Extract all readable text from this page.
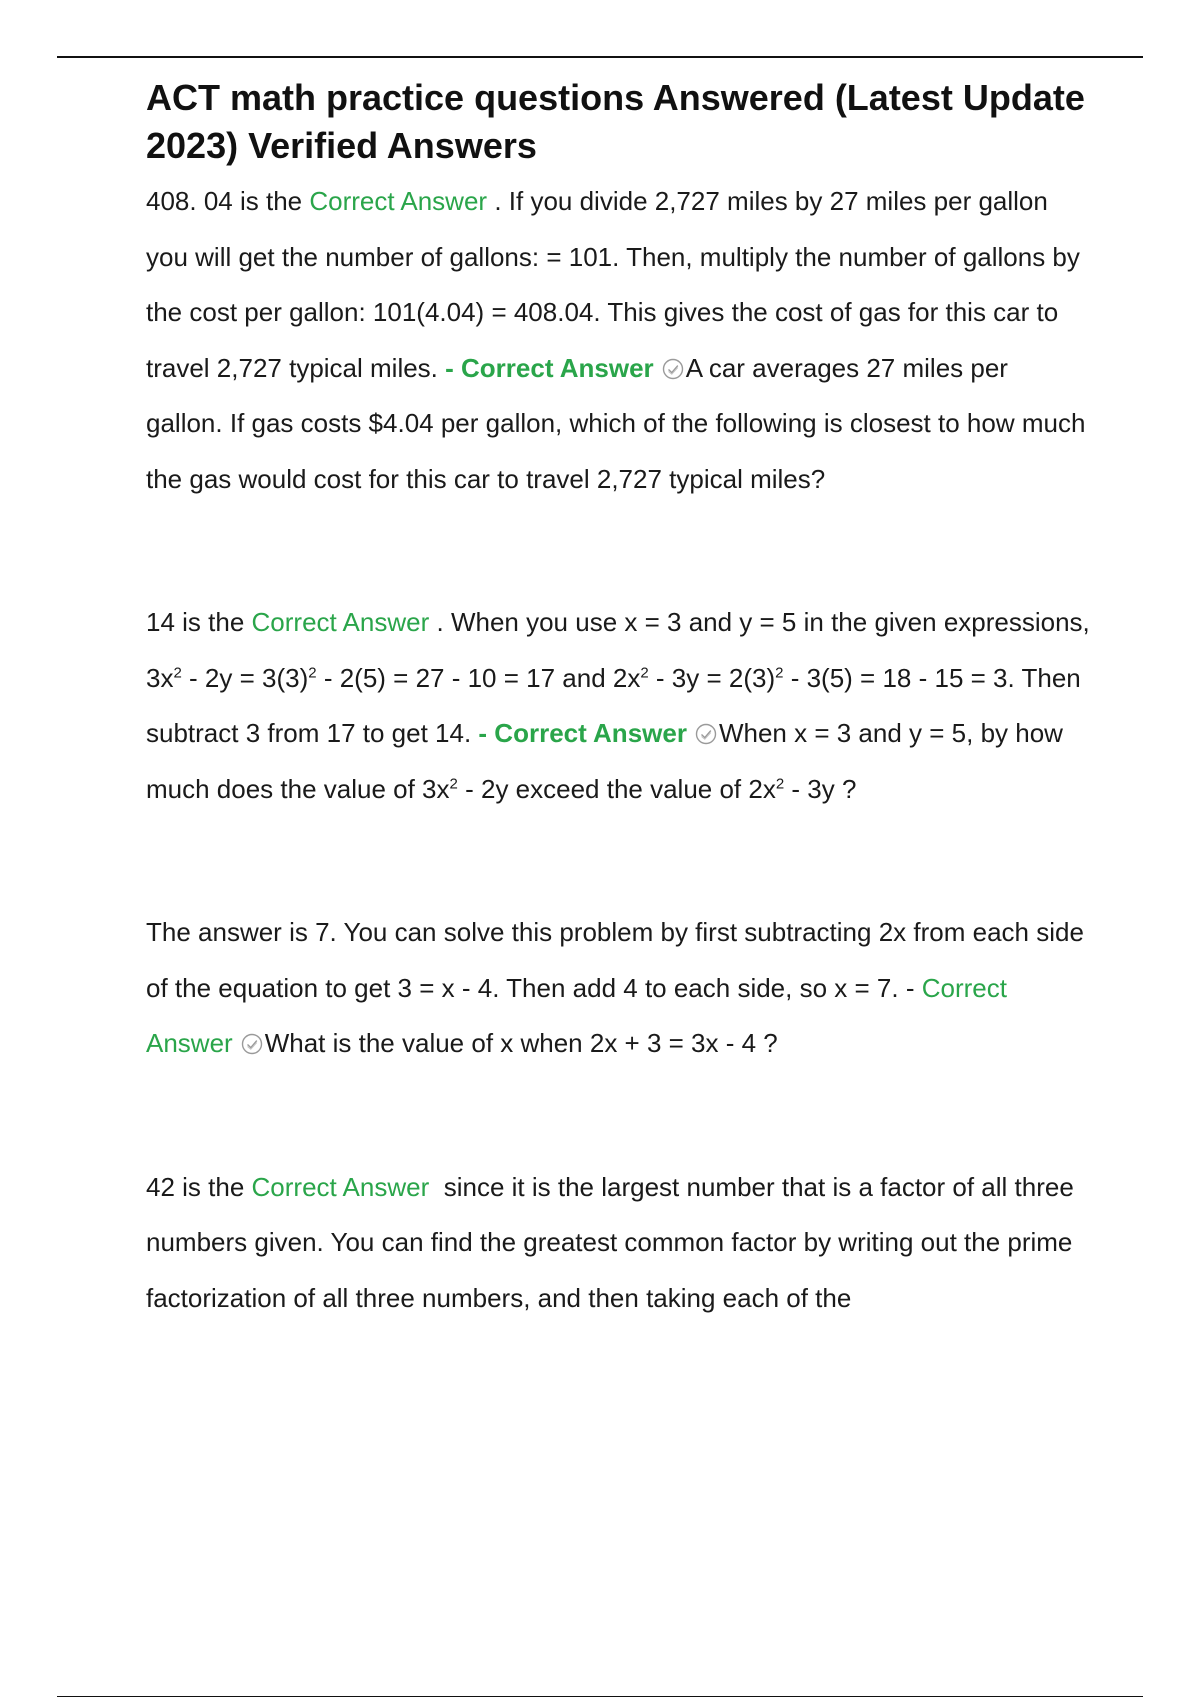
ACT math practice questions Answered (Latest Update 2023) Verified Answers

408. 04 is the Correct Answer . If you divide 2,727 miles by 27 miles per gallon you will get the number of gallons: = 101. Then, multiply the number of gallons by the cost per gallon: 101(4.04) = 408.04. This gives the cost of gas for this car to travel 2,727 typical miles. - Correct Answer A car averages 27 miles per gallon. If gas costs $4.04 per gallon, which of the following is closest to how much the gas would cost for this car to travel 2,727 typical miles?

14 is the Correct Answer . When you use x = 3 and y = 5 in the given expressions, $3x^2 - 2y = 3(3)^2 - 2(5) = 27 - 10 = 17$ and $2x^2 - 3y = 2(3)^2 - 3(5) = 18 - 15 = 3$. Then subtract 3 from 17 to get 14. - Correct Answer When x = 3 and y = 5, by how much does the value of $3x^2 - 2y$ exceed the value of $2x^2 - 3y$ ?

The answer is 7. You can solve this problem by first subtracting 2x from each side of the equation to get 3 = x - 4. Then add 4 to each side, so x = 7. - Correct Answer What is the value of x when 2x + 3 = 3x - 4 ?

42 is the Correct Answer since it is the largest number that is a factor of all three numbers given. You can find the greatest common factor by writing out the prime factorization of all three numbers, and then taking each of the
